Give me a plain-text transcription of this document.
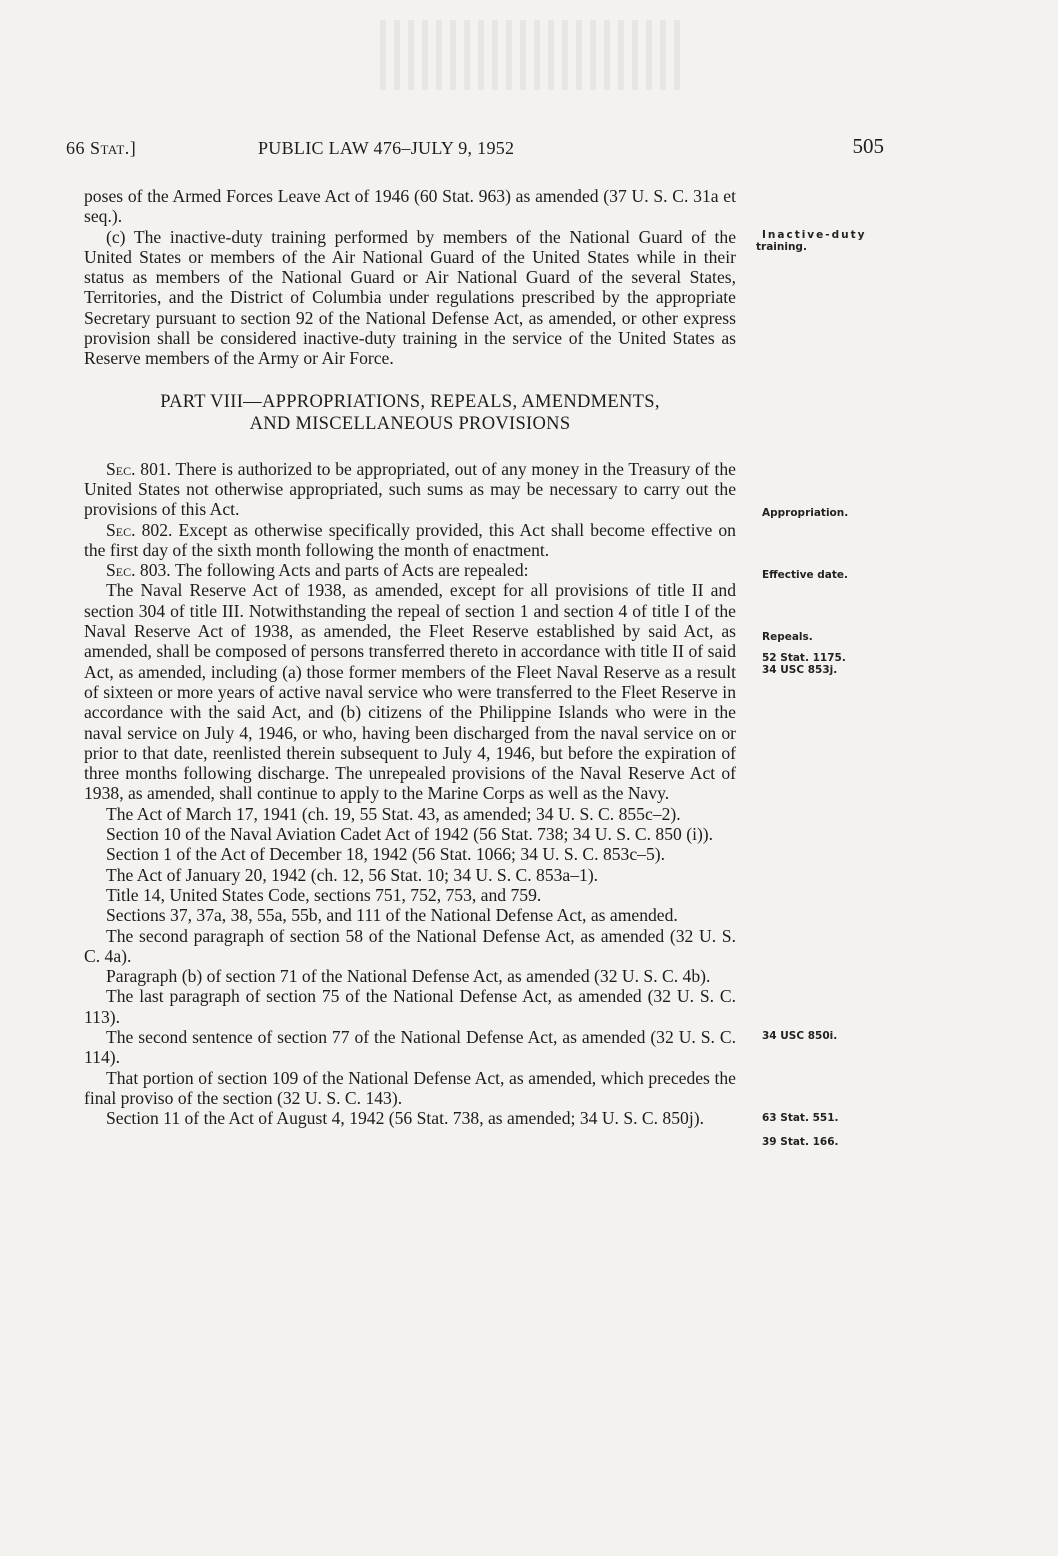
66 Stat.]	PUBLIC LAW 476–JULY 9, 1952	505

poses of the Armed Forces Leave Act of 1946 (60 Stat. 963) as amended (37 U. S. C. 31a et seq.).

(c) The inactive-duty training performed by members of the National Guard of the United States or members of the Air National Guard of the United States while in their status as members of the National Guard or Air National Guard of the several States, Territories, and the District of Columbia under regulations prescribed by the appropriate Secretary pursuant to section 92 of the National Defense Act, as amended, or other express provision shall be considered inactive-duty training in the service of the United States as Reserve members of the Army or Air Force.

PART VIII—APPROPRIATIONS, REPEALS, AMENDMENTS,
AND MISCELLANEOUS PROVISIONS

Sec. 801. There is authorized to be appropriated, out of any money in the Treasury of the United States not otherwise appropriated, such sums as may be necessary to carry out the provisions of this Act.

Sec. 802. Except as otherwise specifically provided, this Act shall become effective on the first day of the sixth month following the month of enactment.

Sec. 803. The following Acts and parts of Acts are repealed:

The Naval Reserve Act of 1938, as amended, except for all provisions of title II and section 304 of title III. Notwithstanding the repeal of section 1 and section 4 of title I of the Naval Reserve Act of 1938, as amended, the Fleet Reserve established by said Act, as amended, shall be composed of persons transferred thereto in accordance with title II of said Act, as amended, including (a) those former members of the Fleet Naval Reserve as a result of sixteen or more years of active naval service who were transferred to the Fleet Reserve in accordance with the said Act, and (b) citizens of the Philippine Islands who were in the naval service on July 4, 1946, or who, having been discharged from the naval service on or prior to that date, reenlisted therein subsequent to July 4, 1946, but before the expiration of three months following discharge. The unrepealed provisions of the Naval Reserve Act of 1938, as amended, shall continue to apply to the Marine Corps as well as the Navy.

The Act of March 17, 1941 (ch. 19, 55 Stat. 43, as amended; 34 U. S. C. 855c–2).

Section 10 of the Naval Aviation Cadet Act of 1942 (56 Stat. 738; 34 U. S. C. 850 (i)).

Section 1 of the Act of December 18, 1942 (56 Stat. 1066; 34 U. S. C. 853c–5).

The Act of January 20, 1942 (ch. 12, 56 Stat. 10; 34 U. S. C. 853a–1).

Title 14, United States Code, sections 751, 752, 753, and 759.

Sections 37, 37a, 38, 55a, 55b, and 111 of the National Defense Act, as amended.

The second paragraph of section 58 of the National Defense Act, as amended (32 U. S. C. 4a).

Paragraph (b) of section 71 of the National Defense Act, as amended (32 U. S. C. 4b).

The last paragraph of section 75 of the National Defense Act, as amended (32 U. S. C. 113).

The second sentence of section 77 of the National Defense Act, as amended (32 U. S. C. 114).

That portion of section 109 of the National Defense Act, as amended, which precedes the final proviso of the section (32 U. S. C. 143).

Section 11 of the Act of August 4, 1942 (56 Stat. 738, as amended; 34 U. S. C. 850j).

Inactive-duty
training.
Appropriation.
Effective date.
Repeals.
52 Stat. 1175.
34 USC 853j.
34 USC 850i.
63 Stat. 551.
39 Stat. 166.
